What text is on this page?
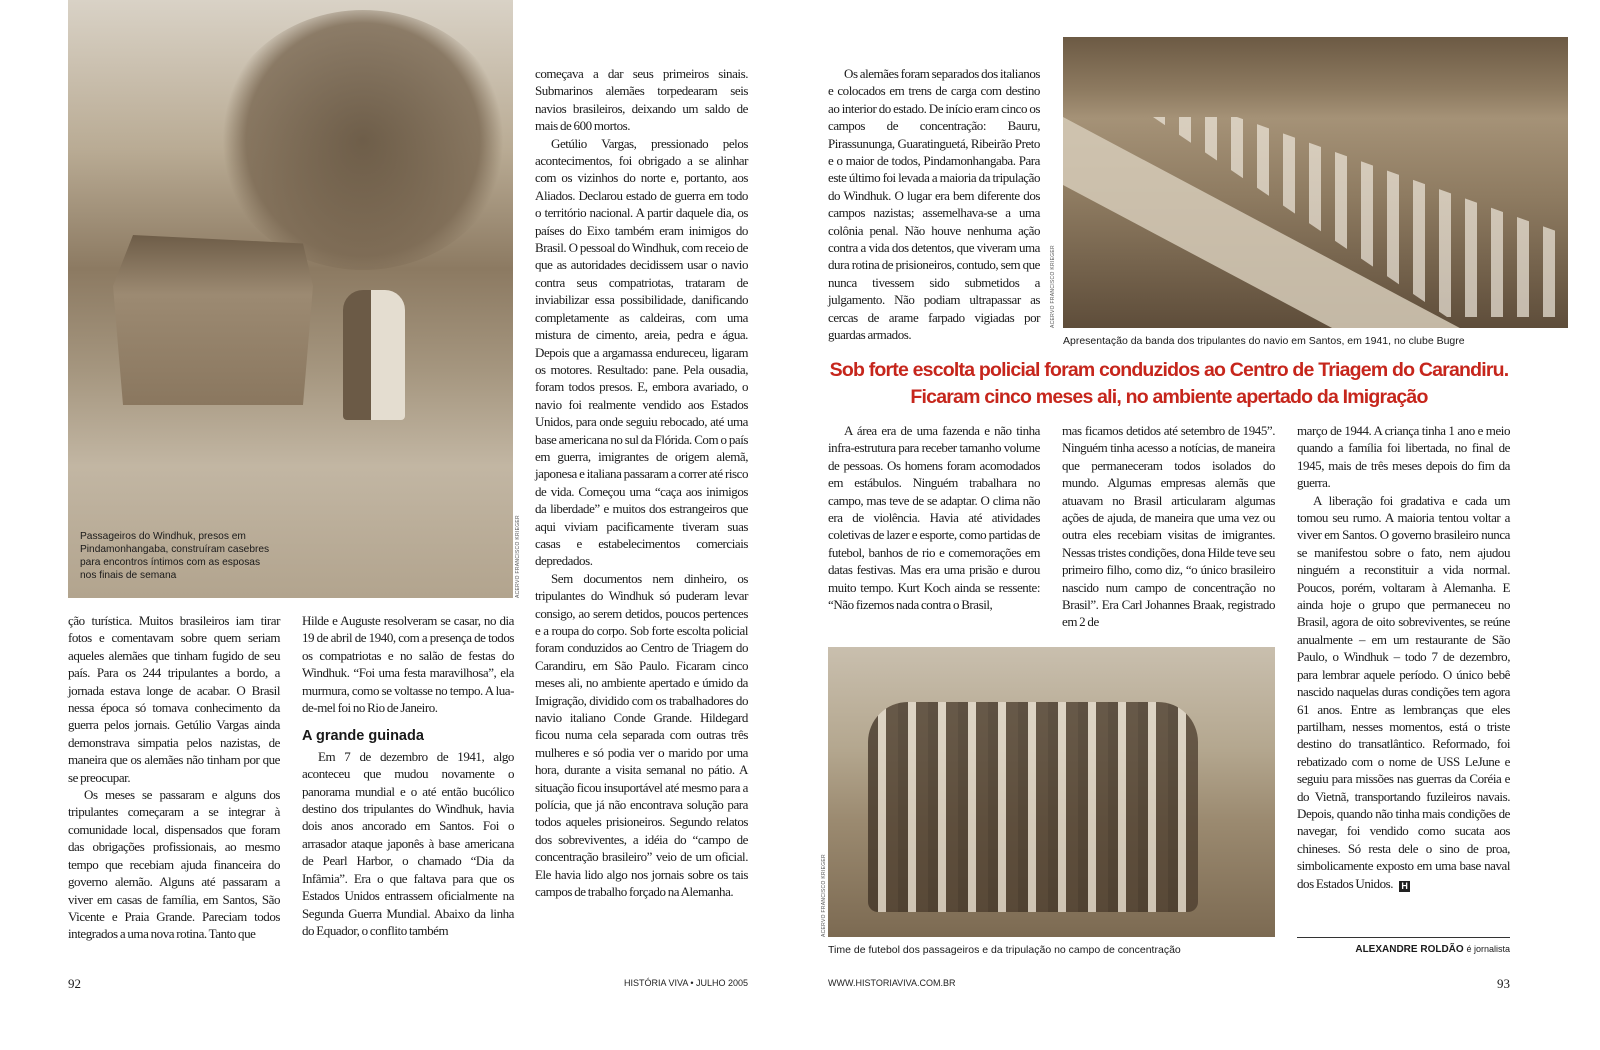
Passageiros do Windhuk, presos em Pindamonhangaba, construíram casebres para encontros íntimos com as esposas nos finais de semana	ACERVO FRANCISCO KRIEGER

ção turística. Muitos brasileiros iam tirar fotos e comentavam sobre quem seriam aqueles alemães que tinham fugido de seu país. Para os 244 tripulantes a bordo, a jornada estava longe de acabar. O Brasil nessa época só tomava conhecimento da guerra pelos jornais. Getúlio Vargas ainda demonstrava simpatia pelos nazistas, de maneira que os alemães não tinham por que se preocupar.

Os meses se passaram e alguns dos tripulantes começaram a se integrar à comunidade local, dispensados que foram das obrigações profissionais, ao mesmo tempo que recebiam ajuda financeira do governo alemão. Alguns até passaram a viver em casas de família, em Santos, São Vicente e Praia Grande. Pareciam todos integrados a uma nova rotina. Tanto que

Hilde e Auguste resolveram se casar, no dia 19 de abril de 1940, com a presença de todos os compatriotas e no salão de festas do Windhuk. “Foi uma festa maravilhosa”, ela murmura, como se voltasse no tempo. A lua-de-mel foi no Rio de Janeiro.

A grande guinada

Em 7 de dezembro de 1941, algo aconteceu que mudou novamente o panorama mundial e o até então bucólico destino dos tripulantes do Windhuk, havia dois anos ancorado em Santos. Foi o arrasador ataque japonês à base americana de Pearl Harbor, o chamado “Dia da Infâmia”. Era o que faltava para que os Estados Unidos entrassem oficialmente na Segunda Guerra Mundial. Abaixo da linha do Equador, o conflito também

começava a dar seus primeiros sinais. Submarinos alemães torpedearam seis navios brasileiros, deixando um saldo de mais de 600 mortos.

Getúlio Vargas, pressionado pelos acontecimentos, foi obrigado a se alinhar com os vizinhos do norte e, portanto, aos Aliados. Declarou estado de guerra em todo o território nacional. A partir daquele dia, os países do Eixo também eram inimigos do Brasil. O pessoal do Windhuk, com receio de que as autoridades decidissem usar o navio contra seus compatriotas, trataram de inviabilizar essa possibilidade, danificando completamente as caldeiras, com uma mistura de cimento, areia, pedra e água. Depois que a argamassa endureceu, ligaram os motores. Resultado: pane. Pela ousadia, foram todos presos. E, embora avariado, o navio foi realmente vendido aos Estados Unidos, para onde seguiu rebocado, até uma base americana no sul da Flórida. Com o país em guerra, imigrantes de origem alemã, japonesa e italiana passaram a correr até risco de vida. Começou uma “caça aos inimigos da liberdade” e muitos dos estrangeiros que aqui viviam pacificamente tiveram suas casas e estabelecimentos comerciais depredados.

Sem documentos nem dinheiro, os tripulantes do Windhuk só puderam levar consigo, ao serem detidos, poucos pertences e a roupa do corpo. Sob forte escolta policial foram conduzidos ao Centro de Triagem do Carandiru, em São Paulo. Ficaram cinco meses ali, no ambiente apertado e úmido da Imigração, dividido com os trabalhadores do navio italiano Conde Grande. Hildegard ficou numa cela separada com outras três mulheres e só podia ver o marido por uma hora, durante a visita semanal no pátio. A situação ficou insuportável até mesmo para a polícia, que já não encontrava solução para todos aqueles prisioneiros. Segundo relatos dos sobreviventes, a idéia do “campo de concentração brasileiro” veio de um oficial. Ele havia lido algo nos jornais sobre os tais campos de trabalho forçado na Alemanha.

92	HISTÓRIA VIVA • JULHO 2005

Os alemães foram separados dos italianos e colocados em trens de carga com destino ao interior do estado. De início eram cinco os campos de concentração: Bauru, Pirassununga, Guaratinguetá, Ribeirão Preto e o maior de todos, Pindamonhangaba. Para este último foi levada a maioria da tripulação do Windhuk. O lugar era bem diferente dos campos nazistas; assemelhava-se a uma colônia penal. Não houve nenhuma ação contra a vida dos detentos, que viveram uma dura rotina de prisioneiros, contudo, sem que nunca tivessem sido submetidos a julgamento. Não podiam ultrapassar as cercas de arame farpado vigiadas por guardas armados.

ACERVO FRANCISCO KRIEGER
Apresentação da banda dos tripulantes do navio em Santos, em 1941, no clube Bugre
Sob forte escolta policial foram conduzidos ao Centro de Triagem do Carandiru. Ficaram cinco meses ali, no ambiente apertado da Imigração

A área era de uma fazenda e não tinha infra-estrutura para receber tamanho volume de pessoas. Os homens foram acomodados em estábulos. Ninguém trabalhara no campo, mas teve de se adaptar. O clima não era de violência. Havia até atividades coletivas de lazer e esporte, como partidas de futebol, banhos de rio e comemorações em datas festivas. Mas era uma prisão e durou muito tempo. Kurt Koch ainda se ressente: “Não fizemos nada contra o Brasil,

mas ficamos detidos até setembro de 1945”. Ninguém tinha acesso a notícias, de maneira que permaneceram todos isolados do mundo. Algumas empresas alemãs que atuavam no Brasil articularam algumas ações de ajuda, de maneira que uma vez ou outra eles recebiam visitas de imigrantes. Nessas tristes condições, dona Hilde teve seu primeiro filho, como diz, “o único brasileiro nascido num campo de concentração no Brasil”. Era Carl Johannes Braak, registrado em 2 de

março de 1944. A criança tinha 1 ano e meio quando a família foi libertada, no final de 1945, mais de três meses depois do fim da guerra.

A liberação foi gradativa e cada um tomou seu rumo. A maioria tentou voltar a viver em Santos. O governo brasileiro nunca se manifestou sobre o fato, nem ajudou ninguém a reconstituir a vida normal. Poucos, porém, voltaram à Alemanha. E ainda hoje o grupo que permaneceu no Brasil, agora de oito sobreviventes, se reúne anualmente – em um restaurante de São Paulo, o Windhuk – todo 7 de dezembro, para lembrar aquele período. O único bebê nascido naquelas duras condições tem agora 61 anos. Entre as lembranças que eles partilham, nesses momentos, está o triste destino do transatlântico. Reformado, foi rebatizado com o nome de USS LeJune e seguiu para missões nas guerras da Coréia e do Vietnã, transportando fuzileiros navais. Depois, quando não tinha mais condições de navegar, foi vendido como sucata aos chineses. Só resta dele o sino de proa, simbolicamente exposto em uma base naval dos Estados Unidos. H

ACERVO FRANCISCO KRIEGER
Time de futebol dos passageiros e da tripulação no campo de concentração	ALEXANDRE ROLDÃO é jornalista
WWW.HISTORIAVIVA.COM.BR	93
